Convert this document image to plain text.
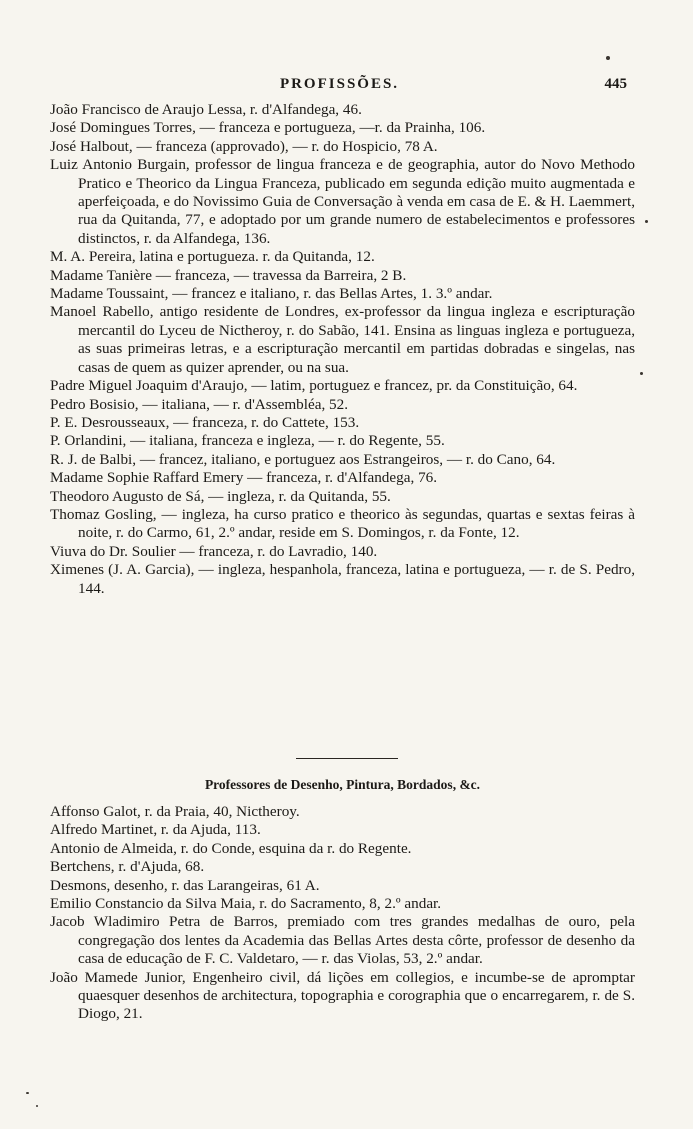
PROFISSÕES.	445
João Francisco de Araujo Lessa, r. d'Alfandega, 46.
José Domingues Torres, — franceza e portugueza, —r. da Prainha, 106.
José Halbout, — franceza (approvado), — r. do Hospicio, 78 A.
Luiz Antonio Burgain, professor de lingua franceza e de geographia, autor do Novo Methodo Pratico e Theorico da Lingua Franceza, publicado em segunda edição muito augmentada e aperfeiçoada, e do Novissimo Guia de Conversação à venda em casa de E. & H. Laemmert, rua da Quitanda, 77, e adoptado por um grande numero de estabelecimentos e professores distinctos, r. da Alfandega, 136.
M. A. Pereira, latina e portugueza. r. da Quitanda, 12.
Madame Tanière — franceza, — travessa da Barreira, 2 B.
Madame Toussaint, — francez e italiano, r. das Bellas Artes, 1. 3.º andar.
Manoel Rabello, antigo residente de Londres, ex-professor da lingua ingleza e escripturação mercantil do Lyceu de Nictheroy, r. do Sabão, 141. Ensina as linguas ingleza e portugueza, as suas primeiras letras, e a escripturação mercantil em partidas dobradas e singelas, nas casas de quem as quizer aprender, ou na sua.
Padre Miguel Joaquim d'Araujo, — latim, portuguez e francez, pr. da Constituição, 64.
Pedro Bosisio, — italiana, — r. d'Assembléa, 52.
P. E. Desrousseaux, — franceza, r. do Cattete, 153.
P. Orlandini, — italiana, franceza e ingleza, — r. do Regente, 55.
R. J. de Balbi, — francez, italiano, e portuguez aos Estrangeiros, — r. do Cano, 64.
Madame Sophie Raffard Emery — franceza, r. d'Alfandega, 76.
Theodoro Augusto de Sá, — ingleza, r. da Quitanda, 55.
Thomaz Gosling, — ingleza, ha curso pratico e theorico às segundas, quartas e sextas feiras à noite, r. do Carmo, 61, 2.º andar, reside em S. Domingos, r. da Fonte, 12.
Viuva do Dr. Soulier — franceza, r. do Lavradio, 140.
Ximenes (J. A. Garcia), — ingleza, hespanhola, franceza, latina e portugueza, — r. de S. Pedro, 144.
Professores de Desenho, Pintura, Bordados, &c.
Affonso Galot, r. da Praia, 40, Nictheroy.
Alfredo Martinet, r. da Ajuda, 113.
Antonio de Almeida, r. do Conde, esquina da r. do Regente.
Bertchens, r. d'Ajuda, 68.
Desmons, desenho, r. das Larangeiras, 61 A.
Emilio Constancio da Silva Maia, r. do Sacramento, 8, 2.º andar.
Jacob Wladimiro Petra de Barros, premiado com tres grandes medalhas de ouro, pela congregação dos lentes da Academia das Bellas Artes desta côrte, professor de desenho da casa de educação de F. C. Valdetaro, — r. das Violas, 53, 2.º andar.
João Mamede Junior, Engenheiro civil, dá lições em collegios, e incumbe-se de apromptar quaesquer desenhos de architectura, topographia e corographia que o encarregarem, r. de S. Diogo, 21.
